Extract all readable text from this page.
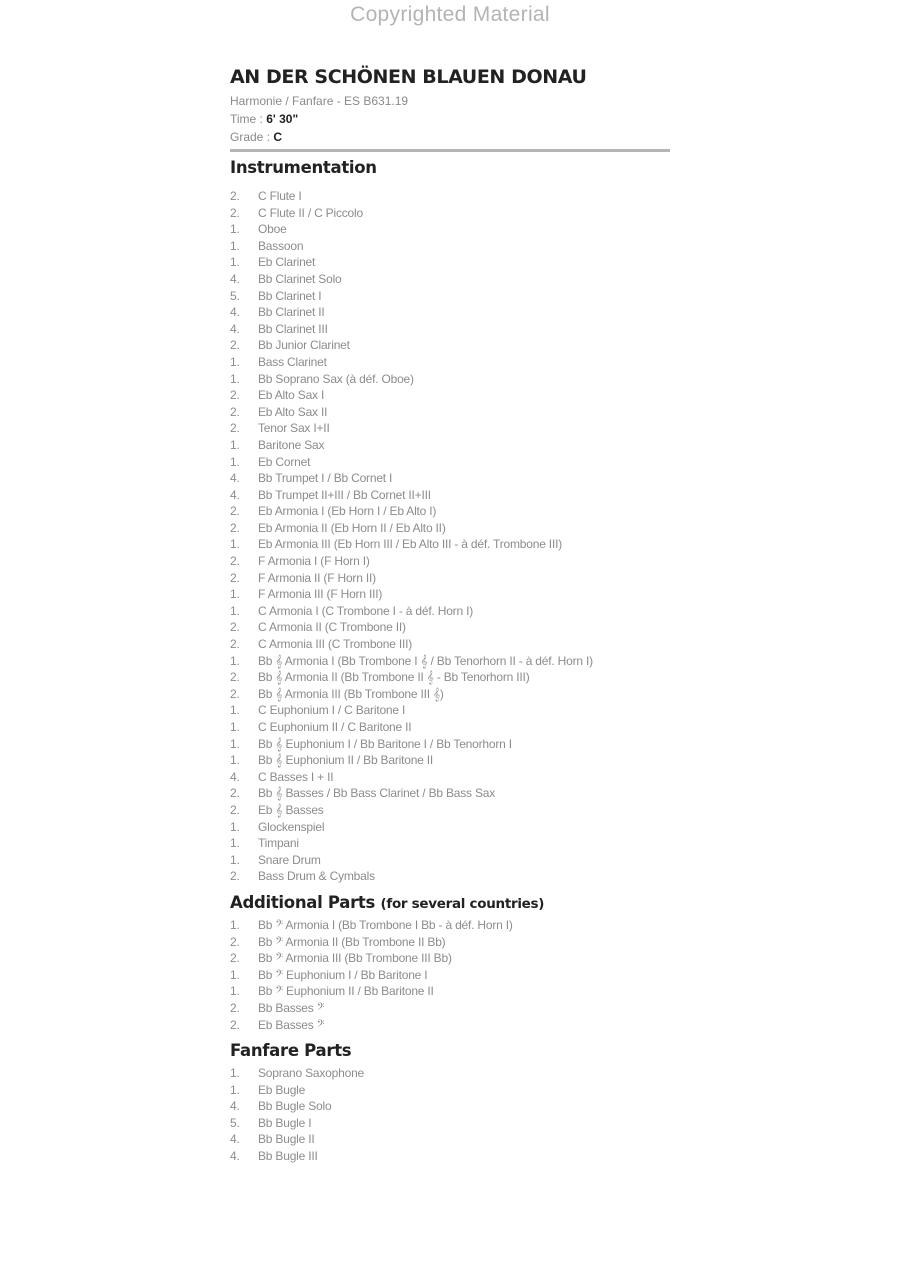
Copyrighted Material
AN DER SCHÖNEN BLAUEN DONAU
Harmonie / Fanfare - ES B631.19
Time : 6' 30"
Grade : C
Instrumentation
2. C Flute I
2. C Flute II / C Piccolo
1. Oboe
1. Bassoon
1. Eb Clarinet
4. Bb Clarinet Solo
5. Bb Clarinet I
4. Bb Clarinet II
4. Bb Clarinet III
2. Bb Junior Clarinet
1. Bass Clarinet
1. Bb Soprano Sax (à déf. Oboe)
2. Eb Alto Sax I
2. Eb Alto Sax II
2. Tenor Sax I+II
1. Baritone Sax
1. Eb Cornet
4. Bb Trumpet I / Bb Cornet I
4. Bb Trumpet II+III / Bb Cornet II+III
2. Eb Armonia I (Eb Horn I / Eb Alto I)
2. Eb Armonia II (Eb Horn II / Eb Alto II)
1. Eb Armonia III (Eb Horn III / Eb Alto III - à déf. Trombone III)
2. F Armonia I (F Horn I)
2. F Armonia II (F Horn II)
1. F Armonia III (F Horn III)
1. C Armonia I (C Trombone I - à déf. Horn I)
2. C Armonia II (C Trombone II)
2. C Armonia III (C Trombone III)
1. Bb 𝄞 Armonia I (Bb Trombone I 𝄞 / Bb Tenorhorn II - à déf. Horn I)
2. Bb 𝄞 Armonia II (Bb Trombone II 𝄞 - Bb Tenorhorn III)
2. Bb 𝄞 Armonia III (Bb Trombone III 𝄞)
1. C Euphonium I / C Baritone I
1. C Euphonium II / C Baritone II
1. Bb 𝄞 Euphonium I / Bb Baritone I / Bb Tenorhorn I
1. Bb 𝄞 Euphonium II / Bb Baritone II
4. C Basses I + II
2. Bb 𝄞 Basses / Bb Bass Clarinet / Bb Bass Sax
2. Eb 𝄞 Basses
1. Glockenspiel
1. Timpani
1. Snare Drum
2. Bass Drum & Cymbals
Additional Parts (for several countries)
1. Bb 𝄢 Armonia I (Bb Trombone I Bb - à déf. Horn I)
2. Bb 𝄢 Armonia II (Bb Trombone II Bb)
2. Bb 𝄢 Armonia III (Bb Trombone III Bb)
1. Bb 𝄢 Euphonium I / Bb Baritone I
1. Bb 𝄢 Euphonium II / Bb Baritone II
2. Bb Basses 𝄢
2. Eb Basses 𝄢
Fanfare Parts
1. Soprano Saxophone
1. Eb Bugle
4. Bb Bugle Solo
5. Bb Bugle I
4. Bb Bugle II
4. Bb Bugle III
